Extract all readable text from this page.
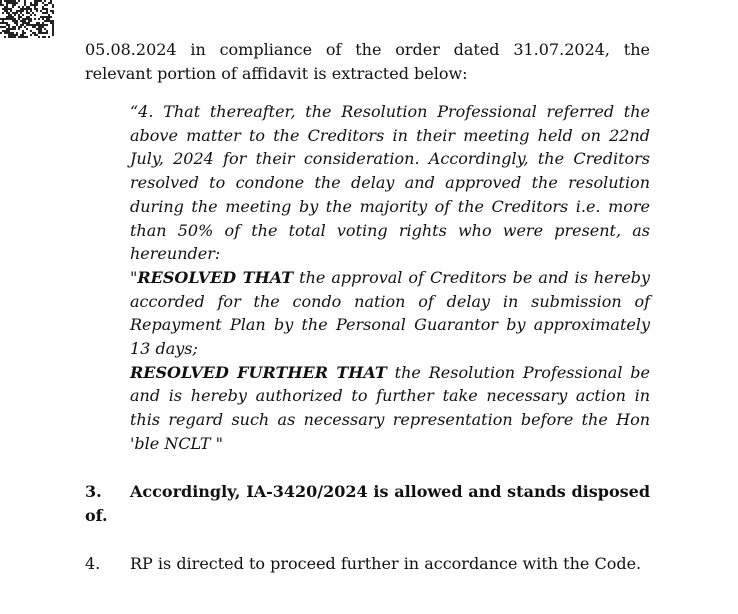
05.08.2024 in compliance of the order dated 31.07.2024, the relevant portion of affidavit is extracted below:

“4. That thereafter, the Resolution Professional referred the above matter to the Creditors in their meeting held on 22nd July, 2024 for their consideration. Accordingly, the Creditors resolved to condone the delay and approved the resolution during the meeting by the majority of the Creditors i.e. more than 50% of the total voting rights who were present, as hereunder:

"RESOLVED THAT the approval of Creditors be and is hereby accorded for the condo nation of delay in submission of Repayment Plan by the Personal Guarantor by approximately 13 days;

RESOLVED FURTHER THAT the Resolution Professional be and is hereby authorized to further take necessary action in this regard such as necessary representation before the Hon 'ble NCLT "

3. Accordingly, IA-3420/2024 is allowed and stands disposed of.

4. RP is directed to proceed further in accordance with the Code.
